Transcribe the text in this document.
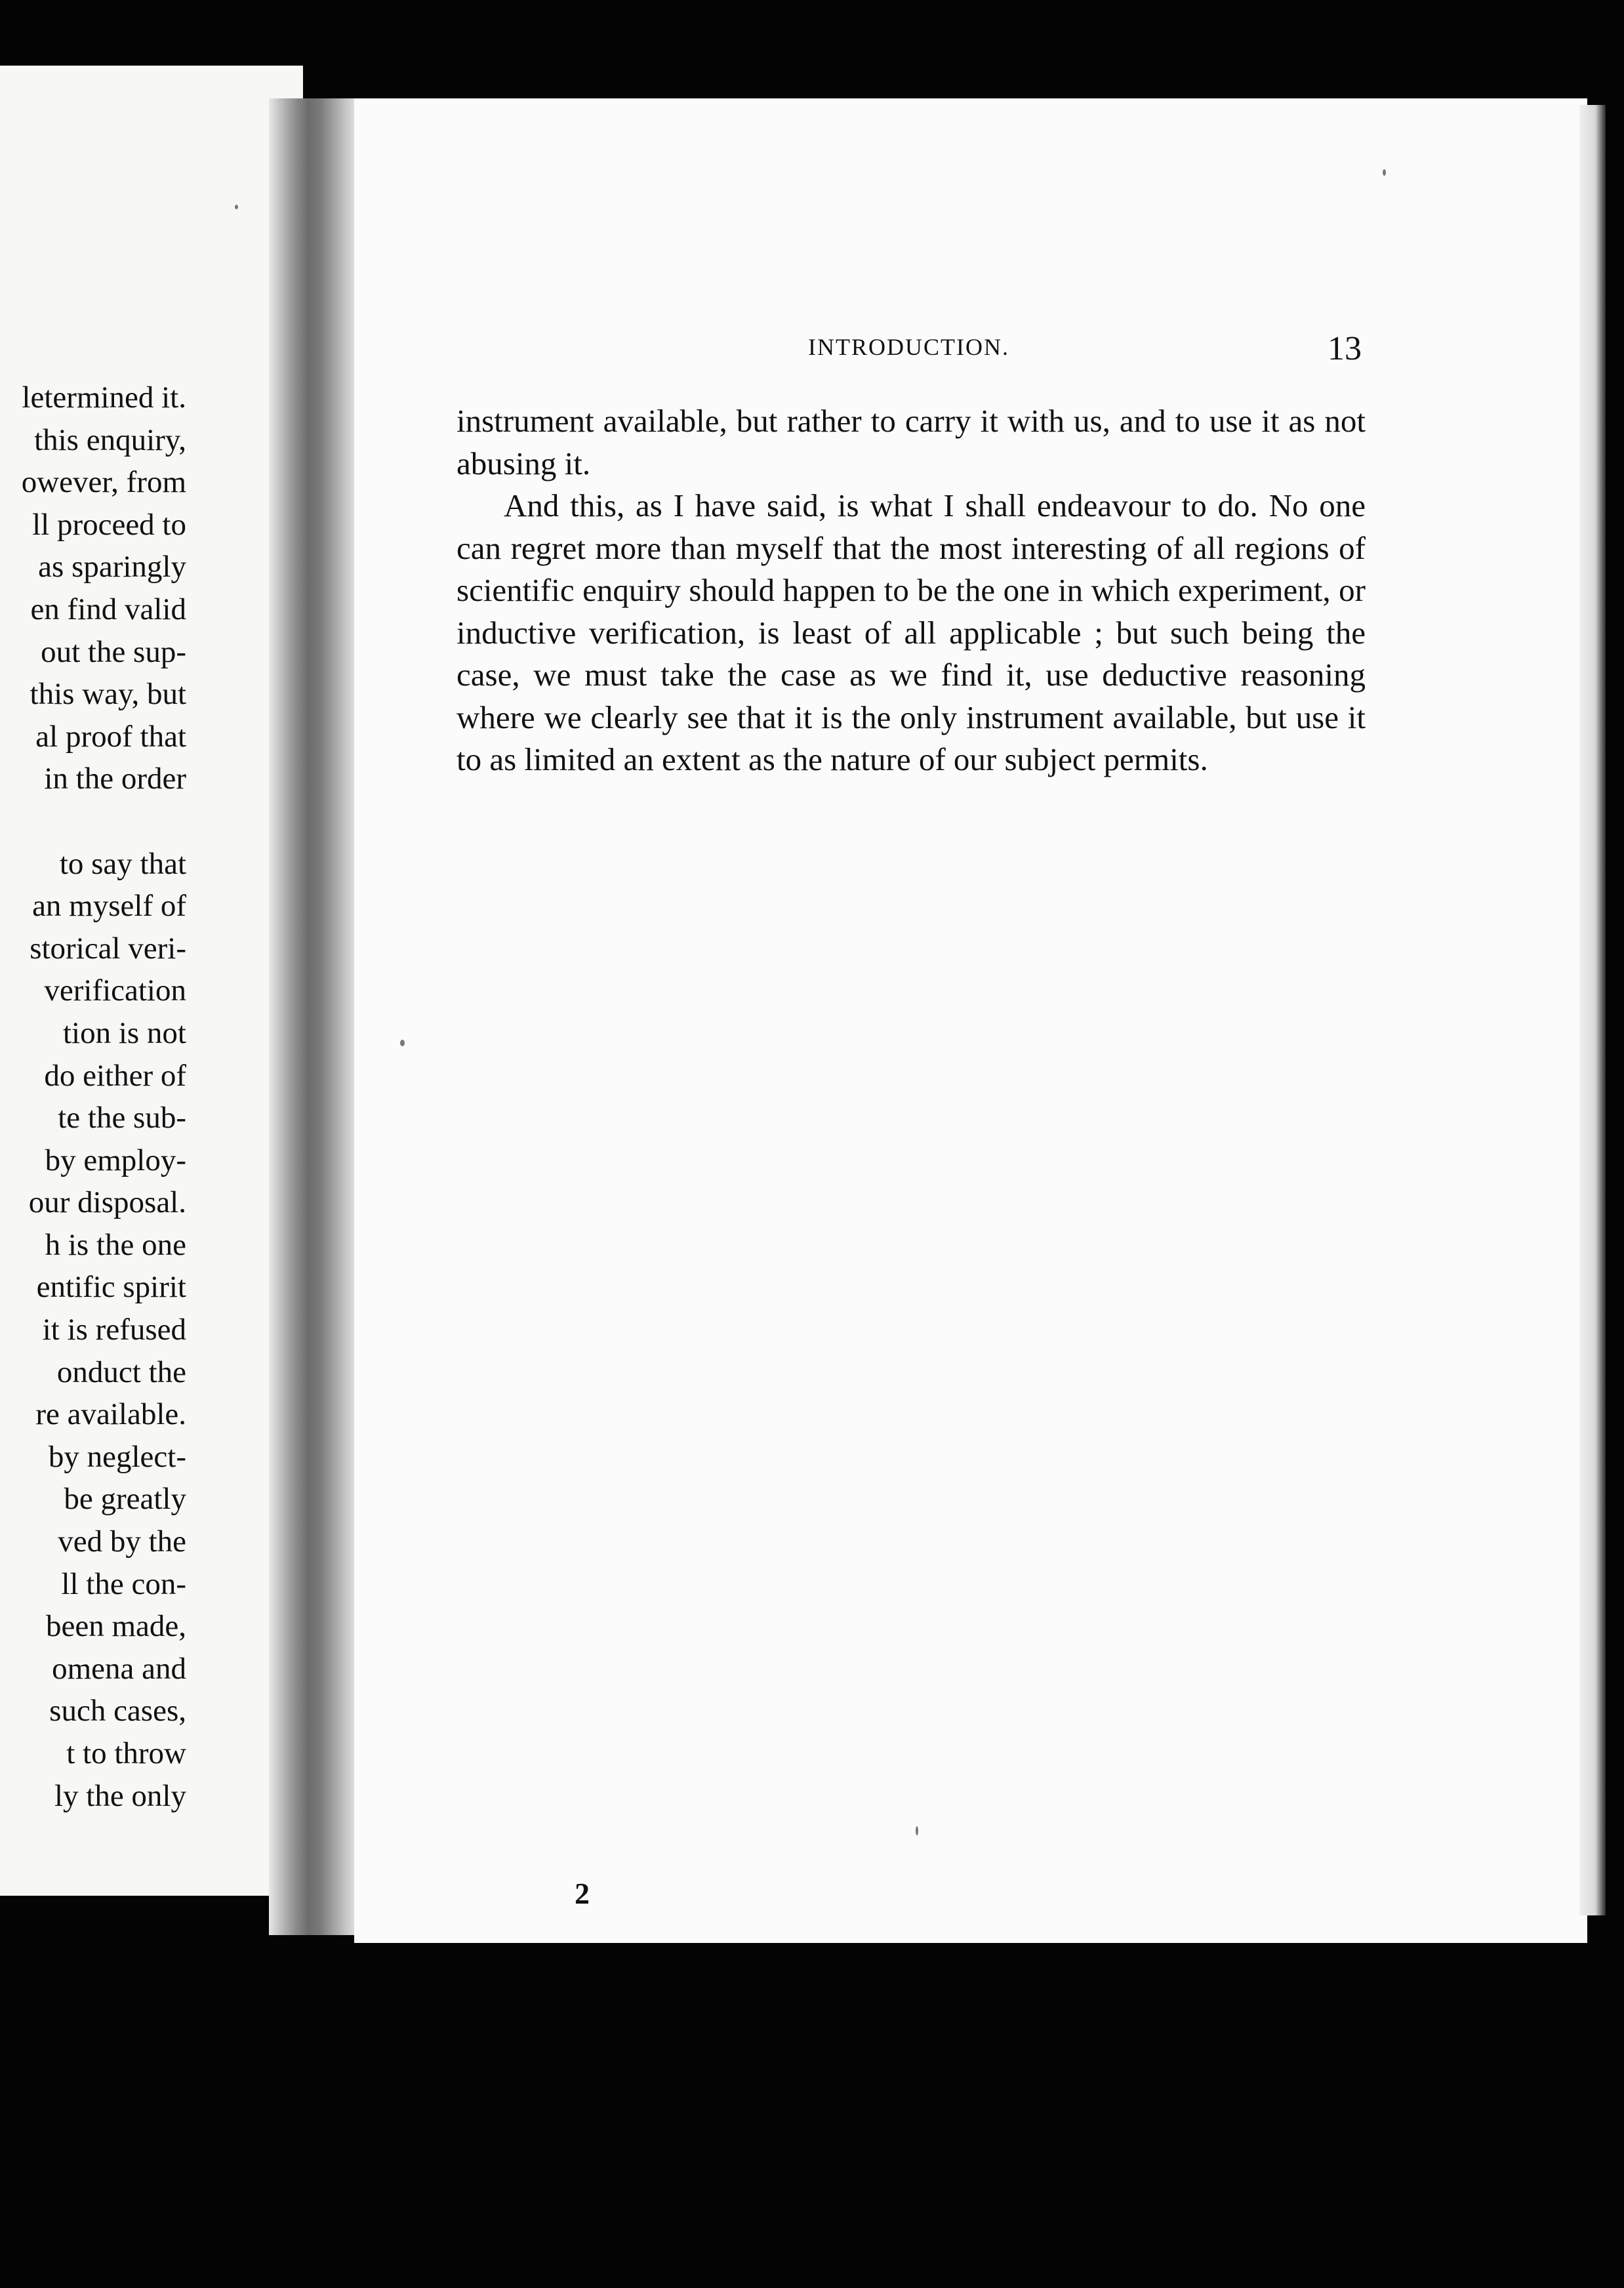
letermined it.
this enquiry,
owever, from
ll proceed to
as sparingly
en find valid
out the sup-
this way, but
al proof that
in the order
to say that
an myself of
storical veri-
verification
tion is not
do either of
te the sub-
by employ-
our disposal.
h is the one
entific spirit
it is refused
onduct the
re available.
by neglect-
be greatly
ved by the
ll the con-
been made,
omena and
such cases,
t to throw
ly the only
INTRODUCTION.	13

instrument available, but rather to carry it with us, and to use it as not abusing it.

And this, as I have said, is what I shall endeavour to do. No one can regret more than myself that the most interesting of all regions of scientific enquiry should happen to be the one in which experiment, or inductive verification, is least of all applicable ; but such being the case, we must take the case as we find it, use deductive reasoning where we clearly see that it is the only instrument available, but use it to as limited an extent as the nature of our subject permits.

2
